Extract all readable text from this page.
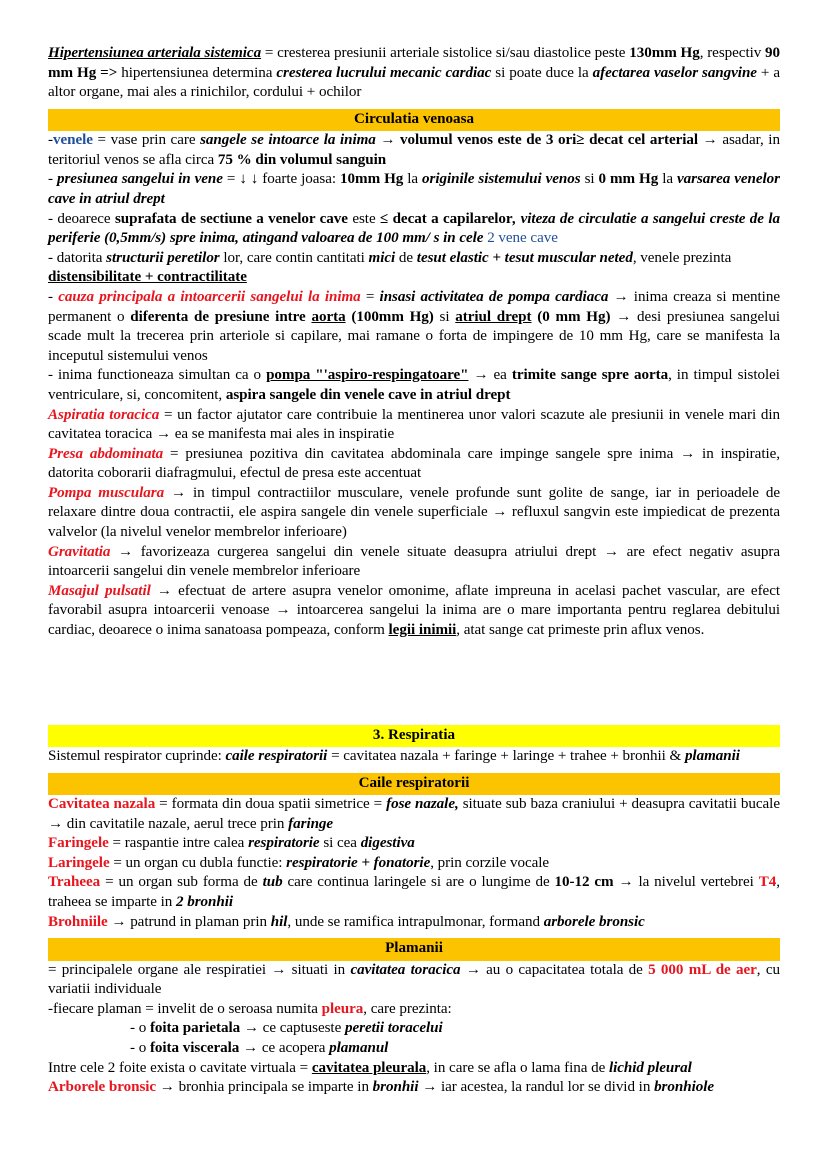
Hipertensiunea arteriala sistemica = cresterea presiunii arteriale sistolice si/sau diastolice peste 130mm Hg, respectiv 90 mm Hg => hipertensiunea determina cresterea lucrului mecanic cardiac si poate duce la afectarea vaselor sangvine + a altor organe, mai ales a rinichilor, cordului + ochilor

Circulatia venoasa

-venele = vase prin care sangele se intoarce la inima → volumul venos este de 3 ori≥ decat cel arterial → asadar, in teritoriul venos se afla circa 75 % din volumul sanguin

- presiunea sangelui in vene = ↓ ↓ foarte joasa: 10mm Hg la originile sistemului venos si 0 mm Hg la varsarea venelor cave in atriul drept

- deoarece suprafata de sectiune a venelor cave este ≤ decat a capilarelor, viteza de circulatie a sangelui creste de la periferie (0,5mm/s) spre inima, atingand valoarea de 100 mm/ s in cele 2 vene cave

- datorita structurii peretilor lor, care contin cantitati mici de tesut elastic + tesut muscular neted, venele prezinta
distensibilitate + contractilitate

- cauza principala a intoarcerii sangelui la inima = insasi activitatea de pompa cardiaca → inima creaza si mentine permanent o diferenta de presiune intre aorta (100mm Hg) si atriul drept (0 mm Hg) → desi presiunea sangelui scade mult la trecerea prin arteriole si capilare, mai ramane o forta de impingere de 10 mm Hg, care se manifesta la inceputul sistemului venos

- inima functioneaza simultan ca o pompa "'aspiro-respingatoare" → ea trimite sange spre aorta, in timpul sistolei ventriculare, si, concomitent, aspira sangele din venele cave in atriul drept

Aspiratia toracica = un factor ajutator care contribuie la mentinerea unor valori scazute ale presiunii in venele mari din cavitatea toracica → ea se manifesta mai ales in inspiratie

Presa abdominata = presiunea pozitiva din cavitatea abdominala care impinge sangele spre inima → in inspiratie, datorita coborarii diafragmului, efectul de presa este accentuat

Pompa musculara → in timpul contractiilor musculare, venele profunde sunt golite de sange, iar in perioadele de relaxare dintre doua contractii, ele aspira sangele din venele superficiale → refluxul sangvin este impiedicat de prezenta valvelor (la nivelul venelor membrelor inferioare)

Gravitatia → favorizeaza curgerea sangelui din venele situate deasupra atriului drept → are efect negativ asupra intoarcerii sangelui din venele membrelor inferioare

Masajul pulsatil → efectuat de artere asupra venelor omonime, aflate impreuna in acelasi pachet vascular, are efect favorabil asupra intoarcerii venoase → intoarcerea sangelui la inima are o mare importanta pentru reglarea debitului cardiac, deoarece o inima sanatoasa pompeaza, conform legii inimii, atat sange cat primeste prin aflux venos.

3. Respiratia

Sistemul respirator cuprinde: caile respiratorii = cavitatea nazala + faringe + laringe + trahee + bronhii & plamanii

Caile respiratorii

Cavitatea nazala = formata din doua spatii simetrice = fose nazale, situate sub baza craniului + deasupra cavitatii bucale → din cavitatile nazale, aerul trece prin faringe

Faringele = raspantie intre calea respiratorie si cea digestiva

Laringele = un organ cu dubla functie: respiratorie + fonatorie, prin corzile vocale

Traheea = un organ sub forma de tub care continua laringele si are o lungime de 10-12 cm → la nivelul vertebrei T4, traheea se imparte in 2 bronhii

Brohniile → patrund in plaman prin hil, unde se ramifica intrapulmonar, formand arborele bronsic

Plamanii

= principalele organe ale respiratiei → situati in cavitatea toracica → au o capacitatea totala de 5 000 mL de aer, cu variatii individuale

-fiecare plaman = invelit de o seroasa numita pleura, care prezinta:

- o foita parietala → ce captuseste peretii toracelui

- o foita viscerala → ce acopera plamanul

Intre cele 2 foite exista o cavitate virtuala = cavitatea pleurala, in care se afla o lama fina de lichid pleural

Arborele bronsic → bronhia principala se imparte in bronhii → iar acestea, la randul lor se divid in bronhiole
